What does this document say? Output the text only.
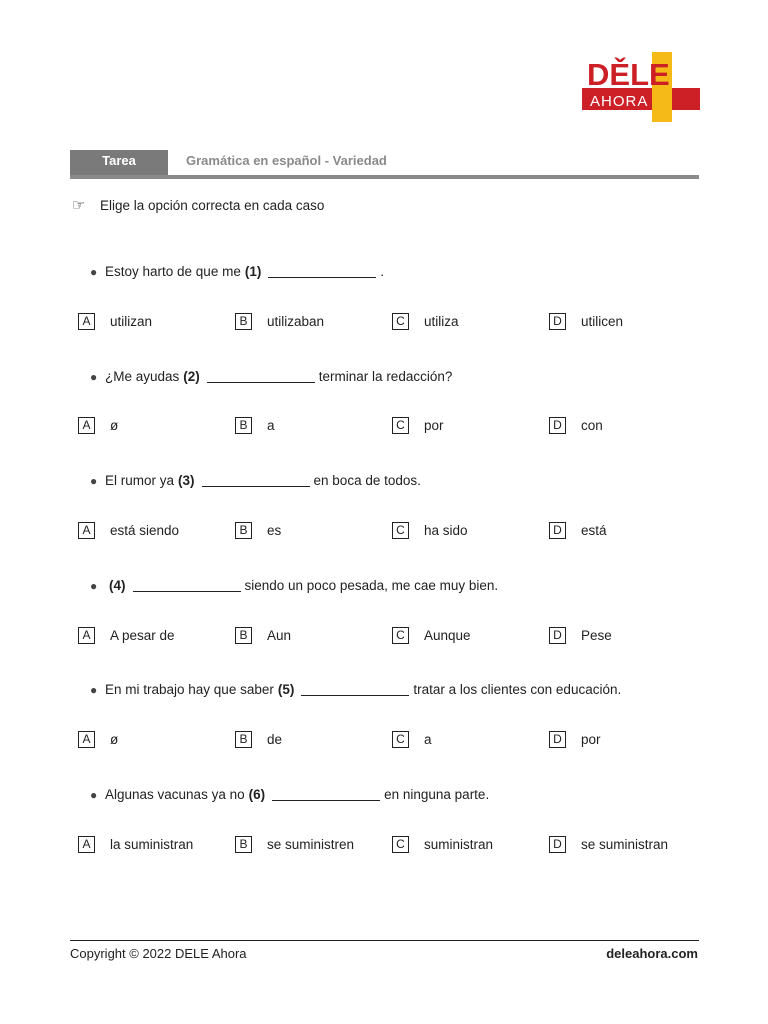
DĚLE
AHORA
Tarea	Gramática en español - Variedad
☞	Elige la opción correcta en cada caso
● Estoy harto de que me (1)	.
A	utilizan	B	utilizaban	C	utiliza	D	utilicen
● ¿Me ayudas (2)	terminar la redacción?
A	ø	B	a	C	por	D	con
● El rumor ya (3)	en boca de todos.
A	está siendo	B	es	C	ha sido	D	está
● (4)	siendo un poco pesada, me cae muy bien.
A	A pesar de	B	Aun	C	Aunque	D	Pese
● En mi trabajo hay que saber (5)	tratar a los clientes con educación.
A	ø	B	de	C	a	D	por
● Algunas vacunas ya no (6)	en ninguna parte.
A	la suministran	B	se suministren	C	suministran	D	se suministran
Copyright © 2022 DELE Ahora	deleahora.com
